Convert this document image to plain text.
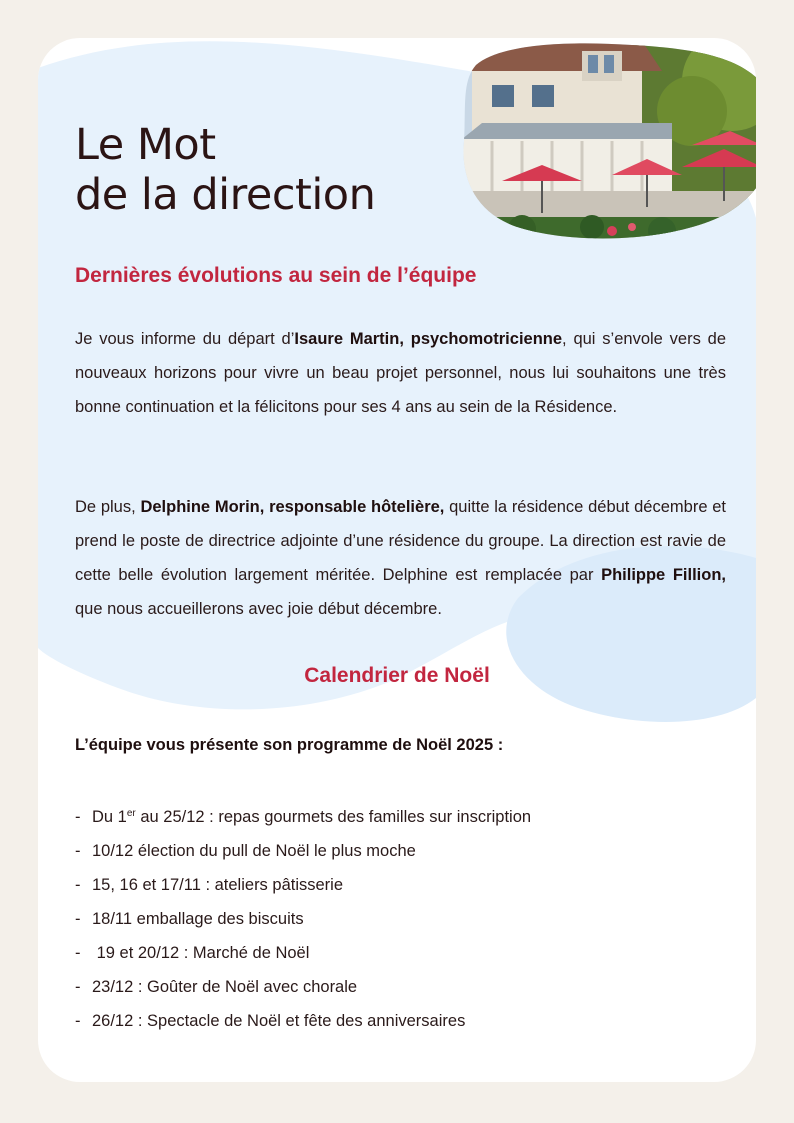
Le Mot
de la direction
Dernières évolutions au sein de l’équipe

Je vous informe du départ d’Isaure Martin, psychomotricienne, qui s’envole vers de nouveaux horizons pour vivre un beau projet personnel, nous lui souhaitons une très bonne continuation et la félicitons pour ses 4 ans au sein de la Résidence.

De plus, Delphine Morin, responsable hôtelière, quitte la résidence début décembre et prend le poste de directrice adjointe d’une résidence du groupe. La direction est ravie de cette belle évolution largement méritée. Delphine est remplacée par Philippe Fillion, que nous accueillerons avec joie début décembre.

Calendrier de Noël

L’équipe vous présente son programme de Noël 2025 :

- Du 1er au 25/12 : repas gourmets des familles sur inscription
- 10/12 élection du pull de Noël le plus moche
- 15, 16 et 17/11 : ateliers pâtisserie
- 18/11 emballage des biscuits
- 19 et 20/12 : Marché de Noël
- 23/12 : Goûter de Noël avec chorale
- 26/12 : Spectacle de Noël et fête des anniversaires
